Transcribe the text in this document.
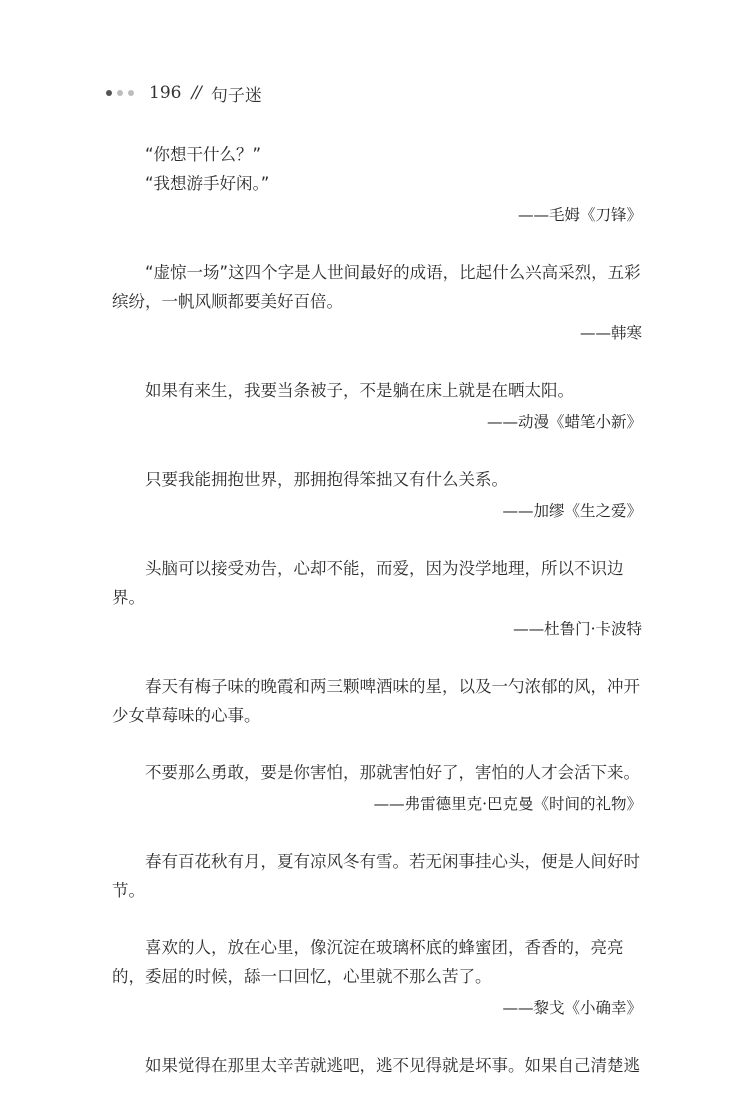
196 // 句子迷

“你想干什么？”

“我想游手好闲。”

——毛姆《刀锋》

“虚惊一场”这四个字是人世间最好的成语，比起什么兴高采烈，五彩缤纷，一帆风顺都要美好百倍。

——韩寒

如果有来生，我要当条被子，不是躺在床上就是在晒太阳。

——动漫《蜡笔小新》

只要我能拥抱世界，那拥抱得笨拙又有什么关系。

——加缪《生之爱》

头脑可以接受劝告，心却不能，而爱，因为没学地理，所以不识边界。

——杜鲁门·卡波特

春天有梅子味的晚霞和两三颗啤酒味的星，以及一勺浓郁的风，冲开少女草莓味的心事。

不要那么勇敢，要是你害怕，那就害怕好了，害怕的人才会活下来。

——弗雷德里克·巴克曼《时间的礼物》

春有百花秋有月，夏有凉风冬有雪。若无闲事挂心头，便是人间好时节。

喜欢的人，放在心里，像沉淀在玻璃杯底的蜂蜜团，香香的，亮亮的，委屈的时候，舔一口回忆，心里就不那么苦了。

——黎戈《小确幸》

如果觉得在那里太辛苦就逃吧，逃不见得就是坏事。如果自己清楚逃
